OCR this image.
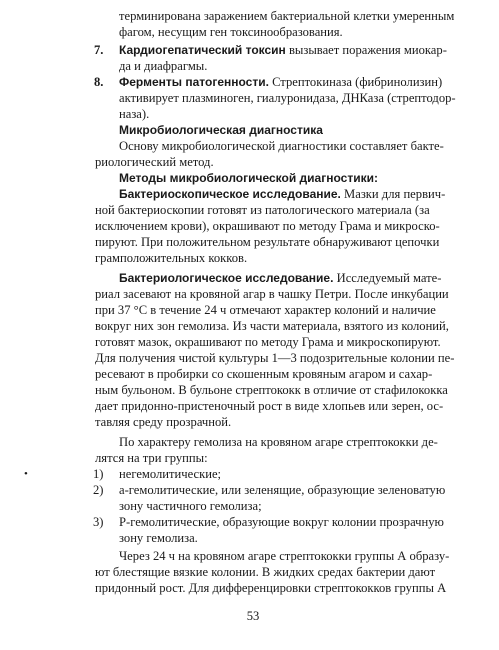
терминирована заражением бактериальной клетки умеренным
фагом, несущим ген токсинообразования.
7. Кардиогепатический токсин вызывает поражения миокар-
да и диафрагмы.
8. Ферменты патогенности. Стрептокиназа (фибринолизин)
активирует плазминоген, гиалуронидаза, ДНКаза (стрептодор-
наза).
Микробиологическая диагностика
Основу микробиологической диагностики составляет бакте-
риологический метод.
Методы микробиологической диагностики:
Бактериоскопическое исследование. Мазки для первич-
ной бактериоскопии готовят из патологического материала (за
исключением крови), окрашивают по методу Грама и микроско-
пируют. При положительном результате обнаруживают цепочки
грамположительных кокков.
Бактериологическое исследование. Исследуемый мате-
риал засевают на кровяной агар в чашку Петри. После инкубации
при 37 °С в течение 24 ч отмечают характер колоний и наличие
вокруг них зон гемолиза. Из части материала, взятого из колоний,
готовят мазок, окрашивают по методу Грама и микроскопируют.
Для получения чистой культуры 1—3 подозрительные колонии пе-
ресевают в пробирки со скошенным кровяным агаром и сахар-
ным бульоном. В бульоне стрептококк в отличие от стафилококка
дает придонно-пристеночный рост в виде хлопьев или зерен, ос-
тавляя среду прозрачной.
По характеру гемолиза на кровяном агаре стрептококки де-
лятся на три группы:
•	1) негемолитические;
2) a-гемолитические, или зеленящие, образующие зеленоватую
зону частичного гемолиза;
3) Р-гемолитические, образующие вокруг колонии прозрачную
зону гемолиза.
Через 24 ч на кровяном агаре стрептококки группы А образу-
ют блестящие вязкие колонии. В жидких средах бактерии дают
придонный рост. Для дифференцировки стрептококков группы А
53
